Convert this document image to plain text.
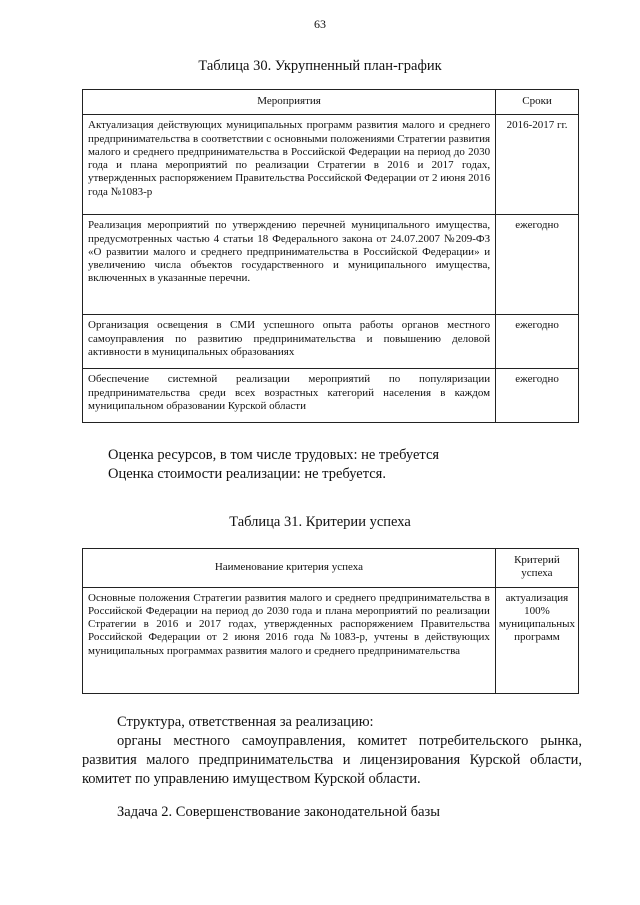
63
Таблица 30. Укрупненный план-график
Мероприятия	Сроки
Актуализация действующих муниципальных программ развития малого и среднего предпринимательства в соответствии с основными положениями Стратегии развития малого и среднего предпринимательства в Российской Федерации на период до 2030 года и плана мероприятий по реализации Стратегии в 2016 и 2017 годах, утвержденных распоряжением Правительства Российской Федерации от 2 июня 2016 года №1083-р	2016-2017 гг.
Реализация мероприятий по утверждению перечней муниципального имущества, предусмотренных частью 4 статьи 18 Федерального закона от 24.07.2007 №209-ФЗ «О развитии малого и среднего предпринимательства в Российской Федерации» и увеличению числа объектов государственного и муниципального имущества, включенных в указанные перечни.	ежегодно
Организация освещения в СМИ успешного опыта работы органов местного самоуправления по развитию предпринимательства и повышению деловой активности в муниципальных образованиях	ежегодно
Обеспечение системной реализации мероприятий по популяризации предпринимательства среди всех возрастных категорий населения в каждом муниципальном образовании Курской области	ежегодно
Оценка ресурсов, в том числе трудовых: не требуется
Оценка стоимости реализации: не требуется.
Таблица 31. Критерии успеха
Наименование критерия успеха	Критерий успеха
Основные положения Стратегии развития малого и среднего предпринимательства в Российской Федерации на период до 2030 года и плана мероприятий по реализации Стратегии в 2016 и 2017 годах, утвержденных распоряжением Правительства Российской Федерации от 2 июня 2016 года №1083-р, учтены в действующих муниципальных программах развития малого и среднего предпринимательства	актуализация 100% муниципальных программ
Структура, ответственная за реализацию:
органы местного самоуправления, комитет потребительского рынка, развития малого предпринимательства и лицензирования Курской области, комитет по управлению имуществом Курской области.
Задача 2. Совершенствование законодательной базы
